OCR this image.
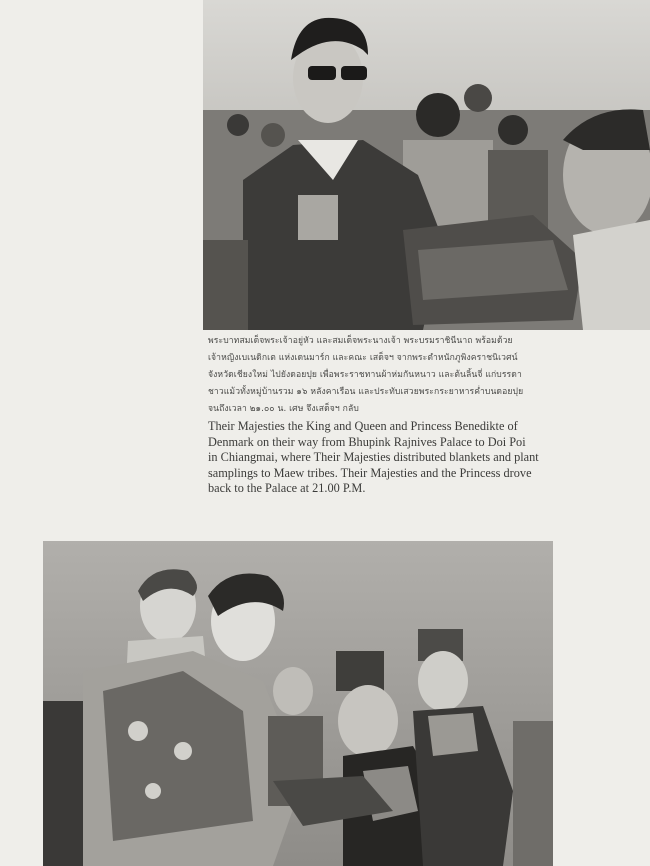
พระบาทสมเด็จพระเจ้าอยู่หัว และสมเด็จพระนางเจ้า พระบรมราชินีนาถ พร้อมด้วย
เจ้าหญิงเบเนดิกเต แห่งเดนมาร์ก และคณะ เสด็จฯ จากพระตำหนักภูพิงคราชนิเวศน์
จังหวัดเชียงใหม่ ไปยังดอยปุย เพื่อพระราชทานผ้าห่มกันหนาว และต้นลิ้นจี่ แก่บรรดา
ชาวแม้วทั้งหมู่บ้านรวม ๑๖ หลังคาเรือน และประทับเสวยพระกระยาหารค่ำบนดอยปุย
จนถึงเวลา ๒๑.๐๐ น. เศษ จึงเสด็จฯ กลับ
Their Majesties the King and Queen and Princess Benedikte of
Denmark on their way from Bhupink Rajnives Palace to Doi Poi
in Chiangmai, where Their Majesties distributed blankets and plant
samplings to Maew tribes. Their Majesties and the Princess drove
back to the Palace at 21.00 P.M.
